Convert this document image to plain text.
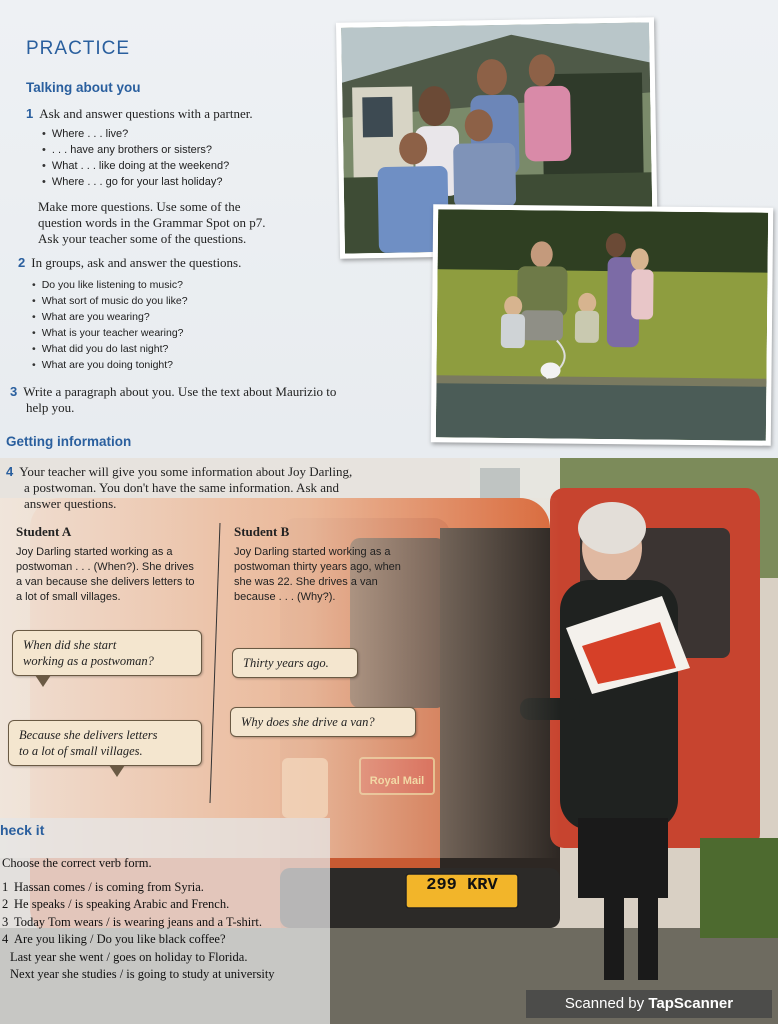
PRACTICE
Talking about you
1 Ask and answer questions with a partner.
• Where . . . live?
• . . . have any brothers or sisters?
• What . . . like doing at the weekend?
• Where . . . go for your last holiday?
Make more questions. Use some of the
question words in the Grammar Spot on p7.
Ask your teacher some of the questions.
2 In groups, ask and answer the questions.
• Do you like listening to music?
• What sort of music do you like?
• What are you wearing?
• What is your teacher wearing?
• What did you do last night?
• What are you doing tonight?
3 Write a paragraph about you. Use the text about Maurizio to
help you.
Getting information
4 Your teacher will give you some information about Joy Darling,
a postwoman. You don't have the same information. Ask and
answer questions.
Royal Mail
299 KRV
Student A
Joy Darling started working as a
postwoman . . . (When?). She drives
a van because she delivers letters to
a lot of small villages.
Student B
Joy Darling started working as a
postwoman thirty years ago, when
she was 22. She drives a van
because . . . (Why?).
When did she start
working as a postwoman?
Because she delivers letters
to a lot of small villages.
Thirty years ago.
Why does she drive a van?
heck it
Choose the correct verb form.
1 Hassan comes / is coming from Syria.
2 He speaks / is speaking Arabic and French.
3 Today Tom wears / is wearing jeans and a T-shirt.
4 Are you liking / Do you like black coffee?
Last year she went / goes on holiday to Florida.
Next year she studies / is going to study at university
Scanned by TapScanner
